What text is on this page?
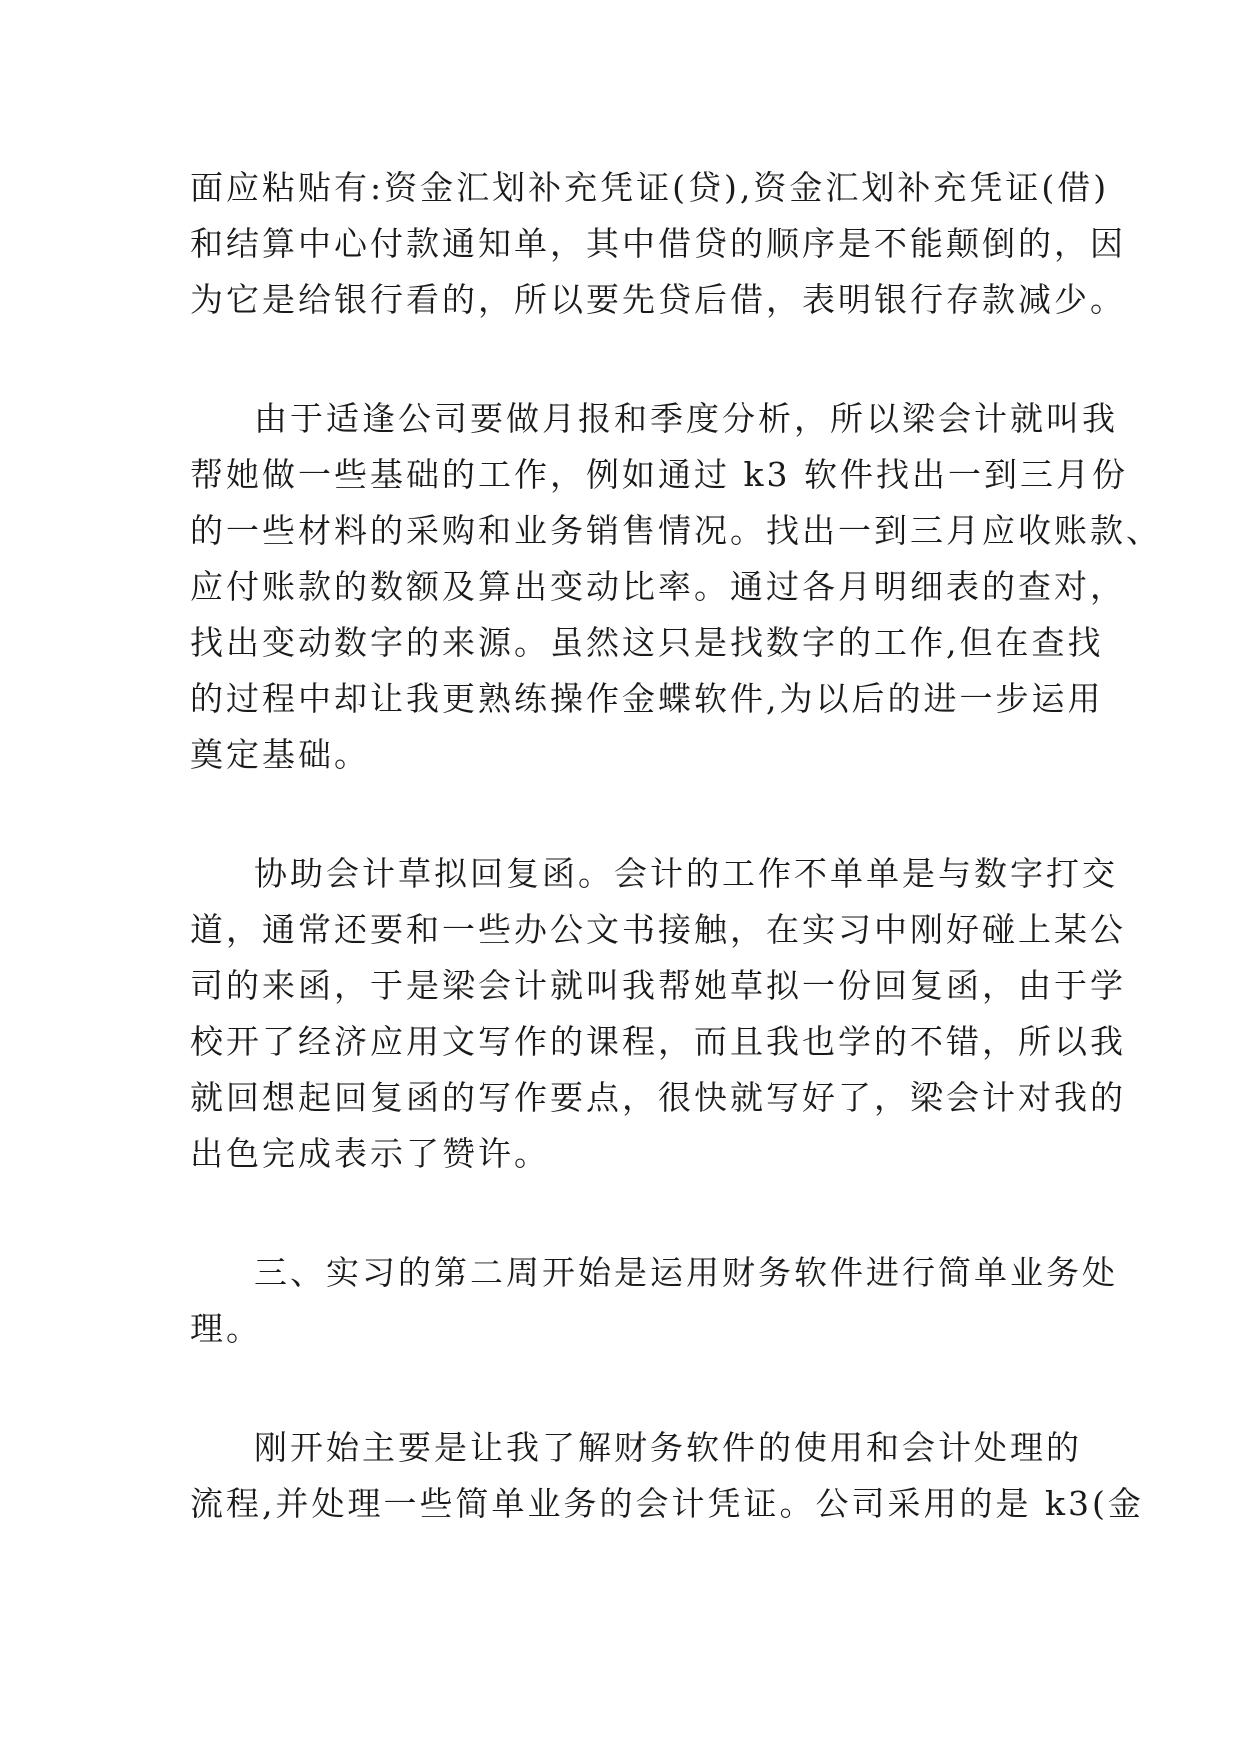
面应粘贴有:资金汇划补充凭证(贷),资金汇划补充凭证(借)
和结算中心付款通知单，其中借贷的顺序是不能颠倒的，因
为它是给银行看的，所以要先贷后借，表明银行存款减少。
由于适逢公司要做月报和季度分析，所以梁会计就叫我
帮她做一些基础的工作，例如通过 k3 软件找出一到三月份
的一些材料的采购和业务销售情况。找出一到三月应收账款、
应付账款的数额及算出变动比率。通过各月明细表的查对，
找出变动数字的来源。虽然这只是找数字的工作,但在查找
的过程中却让我更熟练操作金蝶软件,为以后的进一步运用
奠定基础。
协助会计草拟回复函。会计的工作不单单是与数字打交
道，通常还要和一些办公文书接触，在实习中刚好碰上某公
司的来函，于是梁会计就叫我帮她草拟一份回复函，由于学
校开了经济应用文写作的课程，而且我也学的不错，所以我
就回想起回复函的写作要点，很快就写好了，梁会计对我的
出色完成表示了赞许。
三、实习的第二周开始是运用财务软件进行简单业务处
理。
刚开始主要是让我了解财务软件的使用和会计处理的
流程,并处理一些简单业务的会计凭证。公司采用的是 k3(金
